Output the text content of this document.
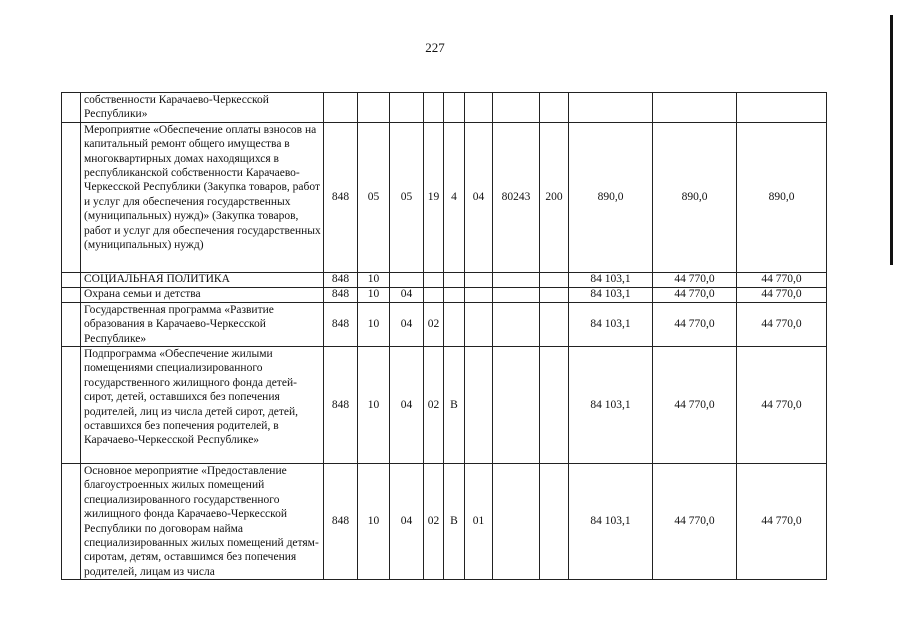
227
	собственности Карачаево-Черкесской Республики»											
	Мероприятие «Обеспечение оплаты взносов на капитальный ремонт общего имущества в многоквартирных домах находящихся в республиканской собственности Карачаево-Черкесской Республики (Закупка товаров, работ и услуг для обеспечения государственных (муниципальных) нужд)» (Закупка товаров, работ и услуг для обеспечения государственных (муниципальных) нужд)	848	05	05	19	4	04	80243	200	890,0	890,0	890,0
	СОЦИАЛЬНАЯ ПОЛИТИКА	848	10							84 103,1	44 770,0	44 770,0
	Охрана семьи и детства	848	10	04						84 103,1	44 770,0	44 770,0
	Государственная программа «Развитие образования в Карачаево-Черкесской Республике»	848	10	04	02					84 103,1	44 770,0	44 770,0
	Подпрограмма «Обеспечение жилыми помещениями специализированного государственного жилищного фонда детей-сирот, детей, оставшихся без попечения родителей, лиц из числа детей сирот, детей, оставшихся без попечения родителей, в Карачаево-Черкесской Республике»	848	10	04	02	В				84 103,1	44 770,0	44 770,0
	Основное мероприятие «Предоставление благоустроенных жилых помещений специализированного государственного жилищного фонда Карачаево-Черкесской Республики по договорам найма специализированных жилых помещений детям-сиротам, детям, оставшимся без попечения родителей, лицам из числа	848	10	04	02	В	01			84 103,1	44 770,0	44 770,0
